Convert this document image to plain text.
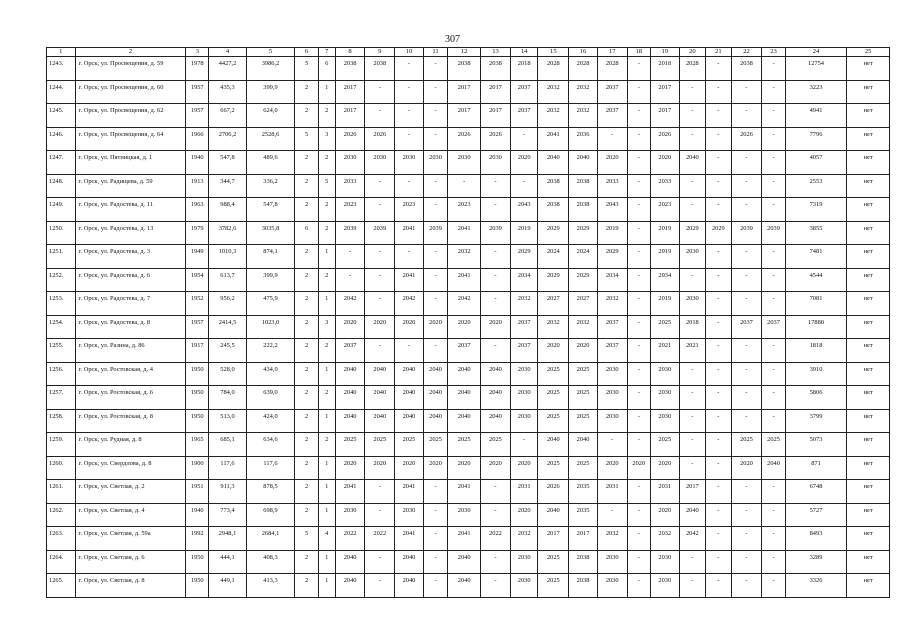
307
1	2	3	4	5	6	7	8	9	10	11	12	13	14	15	16	17	18	19	20	21	22	23	24	25
1243.	г. Орск, ул. Просвещения, д. 59	1978	4427,2	3986,2	5	6	2038	2038	-	-	2038	2038	2018	2028	2028	2028	-	2018	2028	-	2038	-	12754	нет
1244.	г. Орск, ул. Просвещения, д. 60	1957	435,3	399,9	2	1	2017	-	-	-	2017	2017	2037	2032	2032	2037	-	2017	-	-	-	-	3223	нет
1245.	г. Орск, ул. Просвещения, д. 62	1957	667,2	624,0	2	2	2017	-	-	-	2017	2017	2037	2032	2032	2037	-	2017	-	-	-	-	4941	нет
1246.	г. Орск, ул. Просвещения, д. 64	1966	2706,2	2528,6	5	3	2026	2026	-	-	2026	2026	-	2041	2036	-	-	2026	-	-	2026	-	7796	нет
1247.	г. Орск, ул. Пятницкая, д. 1	1940	547,8	489,6	2	2	2030	2030	2030	2030	2030	2030	2020	2040	2040	2020	-	2020	2040	-	-	-	4057	нет
1248.	г. Орск, ул. Радищева, д. 59	1913	344,7	336,2	2	5	2033	-	-	-	-	-	-	2038	2038	2033	-	2033	-	-	-	-	2553	нет
1249.	г. Орск, ул. Радостева, д. 11	1963	988,4	547,8	2	2	2023	-	2023	-	2023	-	2043	2038	2038	2043	-	2023	-	-	-	-	7319	нет
1250.	г. Орск, ул. Радостева, д. 13	1979	3782,6	3035,8	6	2	2039	2039	2041	2039	2041	2039	2019	2029	2029	2019	-	2019	2029	2029	2039	2039	3855	нет
1251.	г. Орск, ул. Радостева, д. 3	1949	1010,3	874,1	2	1	-	-	-	-	2032	-	2029	2024	2024	2029	-	2019	2030	-	-	-	7481	нет
1252.	г. Орск, ул. Радостева, д. 6	1954	613,7	399,9	2	2	-	-	2041	-	2041	-	2034	2029	2029	2034	-	2034	-	-	-	-	4544	нет
1253.	г. Орск, ул. Радостева, д. 7	1952	956,2	475,9	2	1	2042	-	2042	-	2042	-	2032	2027	2027	2032	-	2019	2030	-	-	-	7081	нет
1254.	г. Орск, ул. Радостева, д. 8	1957	2414,5	1023,0	2	3	2020	2020	2020	2020	2020	2020	2037	2032	2032	2037	-	2025	2018	-	2037	2037	17880	нет
1255.	г. Орск, ул. Разина, д. 86	1917	245,5	222,2	2	2	2037	-	-	-	2037	-	2037	2020	2020	2037	-	2021	2021	-	-	-	1818	нет
1256.	г. Орск, ул. Ростовская, д. 4	1950	528,0	434,0	2	1	2040	2040	2040	2040	2040	2040	2030	2025	2025	2030	-	2030	-	-	-	-	3910	нет
1257.	г. Орск, ул. Ростовская, д. 6	1950	784,0	639,0	2	2	2040	2040	2040	2040	2040	2040	2030	2025	2025	2030	-	2030	-	-	-	-	5806	нет
1258.	г. Орск, ул. Ростовская, д. 8	1950	513,0	424,0	2	1	2040	2040	2040	2040	2040	2040	2030	2025	2025	2030	-	2030	-	-	-	-	3799	нет
1259.	г. Орск, ул. Рудная, д. 8	1965	685,1	634,6	2	2	2025	2025	2025	2025	2025	2025	-	2040	2040	-	-	2025	-	-	2025	2025	5073	нет
1260.	г. Орск, ул. Свердлова, д. 8	1900	117,6	117,6	2	1	2020	2020	2020	2020	2020	2020	2020	2025	2025	2020	2020	2020	-	-	2020	2040	871	нет
1261.	г. Орск, ул. Светлая, д. 2	1951	911,3	878,5	2	1	2041	-	2041	-	2041	-	2031	2026	2035	2031	-	2031	2017	-	-	-	6748	нет
1262.	г. Орск, ул. Светлая, д. 4	1940	773,4	698,9	2	1	2030	-	2030	-	2030	-	2020	2040	2035	-	-	2020	2040	-	-	-	5727	нет
1263.	г. Орск, ул. Светлая, д. 59а	1992	2948,1	2684,1	5	4	2022	2022	2041	-	2041	2022	2032	2017	2017	2032	-	2032	2042	-	-	-	8493	нет
1264.	г. Орск, ул. Светлая, д. 6	1950	444,1	408,3	2	1	2040	-	2040	-	2040	-	2030	2025	2038	2030	-	2030	-	-	-	-	3289	нет
1265.	г. Орск, ул. Светлая, д. 8	1950	449,1	413,3	2	1	2040	-	2040	-	2040	-	2030	2025	2038	2030	-	2030	-	-	-	-	3326	нет
